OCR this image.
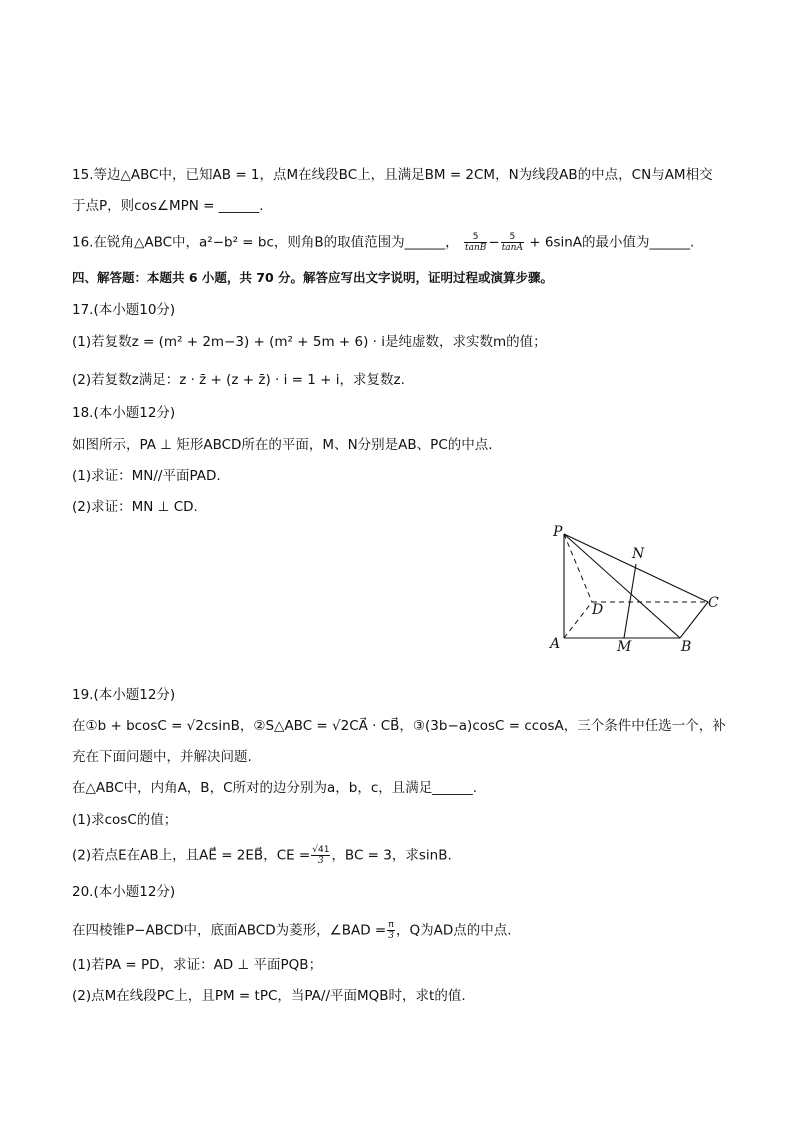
15.等边△ABC中，已知AB = 1，点M在线段BC上，且满足BM = 2CM，N为线段AB的中点，CN与AM相交
于点P，则cos∠MPN = ______.
16.在锐角△ABC中，a²−b² = bc，则角B的取值范围为______， $\frac{5}{\tan B} - \frac{5}{\tan A} + 6\sin A$的最小值为______.
四、解答题：本题共 6 小题，共 70 分。解答应写出文字说明，证明过程或演算步骤。
17.(本小题10分)
(1)若复数z = (m² + 2m−3) + (m² + 5m + 6) · i是纯虚数，求实数m的值；
(2)若复数z满足：z · z̄ + (z + z̄) · i = 1 + i，求复数z.
18.(本小题12分)
如图所示，PA ⊥ 矩形ABCD所在的平面，M、N分别是AB、PC的中点.
(1)求证：MN//平面PAD.
(2)求证：MN ⊥ CD.
P
N
C
D
A	M	B
19.(本小题12分)
在①b + bcosC = √2csinB，②S△ABC = √2CA⃗ · CB⃗，③(3b−a)cosC = ccosA，三个条件中任选一个，补
充在下面问题中，并解决问题.
在△ABC中，内角A，B，C所对的边分别为a，b，c，且满足______.
(1)求cosC的值；
(2)若点E在AB上，且AE⃗ = 2EB⃗，CE = $\frac{√41}{3}$ ，BC = 3，求sinB.
20.(本小题12分)
在四棱锥P−ABCD中，底面ABCD为菱形，∠BAD = $\frac{\pi}{3}$ ，Q为AD点的中点.
(1)若PA = PD，求证：AD ⊥ 平面PQB；
(2)点M在线段PC上，且PM = tPC，当PA//平面MQB时，求t的值.
